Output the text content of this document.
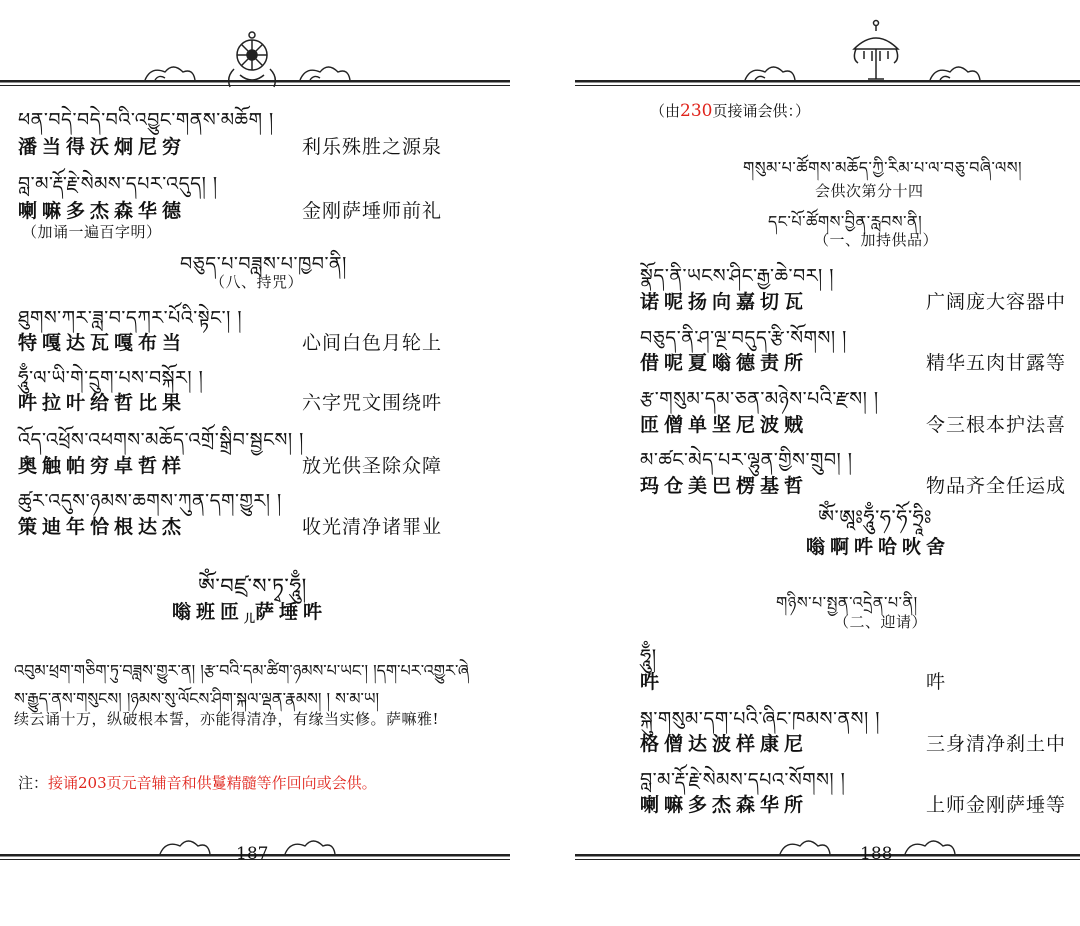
ཕན་བདེ་བདེ་བའི་འབྱུང་གནས་མཆོག །
潘当得沃炯尼穷	利乐殊胜之源泉
བླ་མ་རྡོ་རྗེ་སེམས་དཔར་འདུད། །
喇嘛多杰森华德	金刚萨埵师前礼
（加诵一遍百字明）
བཅུད་པ་བཟླས་པ་ཁྱབ་ནི།
（八、持咒）
ཐུགས་ཀར་ཟླ་བ་དཀར་པོའི་སྟེང་། །
特嘎达瓦嘎布当	心间白色月轮上
ཧཱུྃ་ལ་ཡི་གེ་དྲུག་པས་བསྐོར། །
吽拉叶给哲比果	六字咒文围绕吽
འོད་འཕྲོས་འཕགས་མཆོད་འགྲོ་སྒྲིབ་སྦྱངས། །
奥触帕穷卓哲样	放光供圣除众障
ཚུར་འདུས་ཉམས་ཆགས་ཀུན་དག་གྱུར། །
策迪年恰根达杰	收光清净诸罪业
ཨོཾ་བཛྲ་ས་ཏྭ་ཧཱུྃ།
嗡班匝$_儿$萨埵吽
འབུམ་ཕྲག་གཅིག་ཏུ་བཟླས་གྱུར་ན། །རྩ་བའི་དམ་ཚིག་ཉམས་པ་ཡང་། །དག་པར་འགྱུར་ཞེ
ས་རྒྱུད་ནས་གསུངས། །ཉམས་སུ་ལོངས་ཤིག་སྐལ་ལྡན་རྣམས། ། ས་མ་ཡ།
续云诵十万，纵破根本誓，亦能得清净，有缘当实修。萨嘛雅!
注：接诵203页元音辅音和供鬘精髓等作回向或会供。
187
（由230页接诵会供：）
གསུམ་པ་ཚོགས་མཆོད་ཀྱི་རིམ་པ་ལ་བཅུ་བཞི་ལས།
会供次第分十四
དང་པོ་ཚོགས་བྱིན་རླབས་ནི།
（一、加持供品）
སྣོད་ནི་ཡངས་ཤིང་རྒྱ་ཆེ་བར། །
诺呢扬向嘉切瓦	广阔庞大容器中
བཅུད་ནི་ཤ་ལྔ་བདུད་རྩི་སོགས། །
借呢夏嗡德责所	精华五肉甘露等
རྩ་གསུམ་དམ་ཅན་མཉེས་པའི་རྫས། །
匝僧单坚尼波贼	令三根本护法喜
མ་ཚང་མེད་པར་ལྷུན་གྱིས་གྲུབ། །
玛仓美巴楞基哲	物品齐全任运成
ཨོཾ་ཨཱཿཧཱུྃ་ཧ་ཧོ་ཧྲཱིཿ
嗡啊吽哈吙舍
གཉིས་པ་སྤྱན་འདྲེན་པ་ནི།
（二、迎请）
ཧཱུྃ།
吽	吽
སྐུ་གསུམ་དག་པའི་ཞིང་ཁམས་ནས། །
格僧达波样康尼	三身清净刹土中
བླ་མ་རྡོ་རྗེ་སེམས་དཔའ་སོགས། །
喇嘛多杰森华所	上师金刚萨埵等
188
